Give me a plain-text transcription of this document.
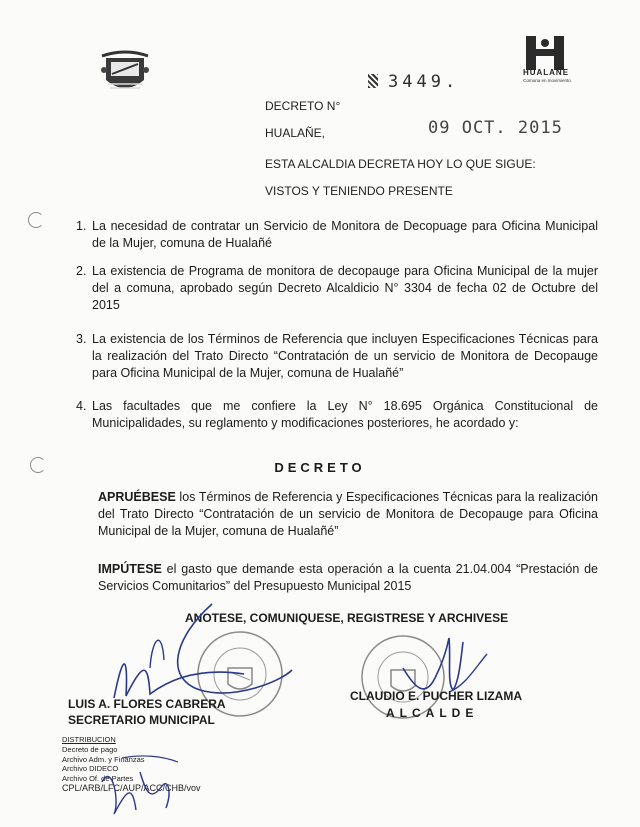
HUALAÑE
Comuna en movimiento
3449.
DECRETO N°
HUALAÑE,	09 OCT. 2015
ESTA ALCALDIA DECRETA HOY LO QUE SIGUE:
VISTOS Y TENIENDO PRESENTE
1. La necesidad de contratar un Servicio de Monitora de Decopuage para Oficina Municipal de la Mujer, comuna de Hualañé
2. La existencia de Programa de monitora de decopauge para Oficina Municipal de la mujer del a comuna, aprobado según Decreto Alcaldicio N° 3304 de fecha 02 de Octubre del 2015
3. La existencia de los Términos de Referencia que incluyen Especificaciones Técnicas para la realización del Trato Directo “Contratación de un servicio de Monitora de Decopauge para Oficina Municipal de la Mujer, comuna de Hualañé”
4. Las facultades que me confiere la Ley N° 18.695 Orgánica Constitucional de Municipalidades, su reglamento y modificaciones posteriores, he acordado y:
DECRETO
APRUÉBESE los Términos de Referencia y Especificaciones Técnicas para la realización del Trato Directo “Contratación de un servicio de Monitora de Decopauge para Oficina Municipal de la Mujer, comuna de Hualañé”
IMPÚTESE el gasto que demande esta operación a la cuenta 21.04.004 “Prestación de Servicios Comunitarios” del Presupuesto Municipal 2015
ANOTESE, COMUNIQUESE, REGISTRESE Y ARCHIVESE
LUIS A. FLORES CABRERA
SECRETARIO MUNICIPAL
CLAUDIO E. PUCHER LIZAMA
ALCALDE
DISTRIBUCION
Decreto de pago
Archivo Adm. y Finanzas
Archivo DIDECO
Archivo Of. de Partes
CPL/ARB/LFC/AUP/ACC/CHB/vov
